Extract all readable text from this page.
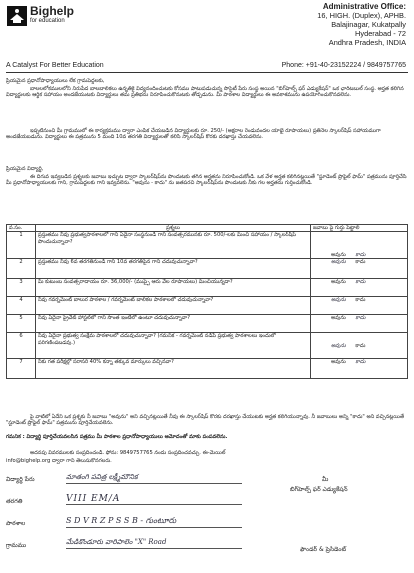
Bighelp
for education
A Catalyst For Better Education
Administrative Office:
16, HIGH. (Duplex), APHB.
Balajinagar, Kukatpally
Hyderabad - 72
Andhra Pradesh, INDIA
Phone: +91-40-23152224 / 9849757765
ప్రియమైన ప్రధానోపాధ్యాయులు లేక గ్రామపెద్దలకు,
బాలలలోకములలోని నిరుపేద బాలబాలికలు ఉన్నతికై విద్యనందించుటకు కోసము పాటుపడుచున్న సొసైటీ పేరు సంస్థ అయిన "బిగ్‌హెల్ప్ ఫర్ ఎడ్యుకేషన్" ఒక ఛారిటబుల్ సంస్థ. అర్హత కలిగిన విద్యార్థులకు ఆర్థిక సహాయం అందజేయుటకు విద్యార్థులు తమ ప్రతిభను నిరూపించుకొనుటకు తోడ్పడును. మీ పాఠశాల విద్యార్థులు ఈ అవకాశమును ఉపయోగించుకొనవలెను.
ఇప్పటినుంచి మీ గ్రామములో ఈ కార్యక్రమము ద్వారా ఎంపిక చేయబడిన విద్యార్థులకు రూ. 250/- (అక్షరాల రెండువందల యాభై రూపాయలు) ప్రతినెల స్కాలర్‌షిప్ సహాయముగా అందజేయబడును. విద్యార్థులు ఈ పత్రమును 5 మంది 10వ తరగతి విద్యార్థులతో కలిసి స్కాలర్‌షిప్ కొరకు దరఖాస్తు చేయవలెను.
ప్రియమైన విద్యార్థి,
ఈ దిగువ ఇవ్వబడిన ప్రశ్నలకు జవాబు ఇచ్చుట ద్వారా స్కాలర్‌షిప్‌ను పొందుటకు తగిన అర్హతను నిరూపించుకోండి. ఒక వేళ అర్హత కలిగినట్లయితే "స్టూడెంట్ ప్రొఫైల్ ఫామ్" పత్రమును పూర్తిచేసి మీ ప్రధానోపాధ్యాయులకు గాని, గ్రామపెద్దలకు గాని ఇవ్వవలెను. "అవును - కాదు" ను జతపరచి స్కాలర్‌షిప్‌ను పొందుటకు నీకు గల అర్హతను గుర్తించుకోండి.
వ.సం.	ప్రశ్నలు	జవాబు పై గుర్తు పెట్టాలి
1	ప్రస్తుతము నీవు ప్రభుత్వపాఠశాలలో గాని ఏదైనా సంస్థనుండి గాని సంవత్సరమునకు రూ. 500/-లకు మించి సహాయం / స్కాలర్‌షిప్ పొందుచున్నావా?	అవును కాదు
2	ప్రస్తుతము నీవు 6వ తరగతినుండి గాని 10వ తరగతిపైన గాని చదువుచున్నావా?	అవును కాదు
3	మీ కుటుంబ సంవత్సరాదాయం రూ. 36,000/- (ముప్పై ఆరు వేల రూపాయలు) మించియున్నదా?	అవును కాదు
4	నీవు గవర్నమెంట్ బాలుర పాఠశాల / గవర్నమెంట్ బాలికల పాఠశాలలో చదువుచున్నావా?	అవును కాదు
5	నీవు ఏదైనా ప్రైవేట్ హాస్టల్‌లో గాని సొంత ఇంటిలో ఉంటూ చదువుచున్నావా?	అవును కాదు
6	నీవు ఏదైనా ప్రభుత్వ సంక్షేమ పాఠశాలలో చదువుచున్నావా? (గమనిక - గవర్నమెంట్ నడిపే ప్రభుత్వ పాఠశాలలు ఇందులో పరిగణింపబడవు.)	అవును కాదు
7	నీకు గత పరీక్షల్లో సరాసరి 40% కన్నా తక్కువ మార్కులు వచ్చినవా?	అవును కాదు
పై వాటిలో ఏదేని ఒక ప్రశ్నకు నీ జవాబు "అవును" అని వచ్చినట్లయితే నీవు ఈ స్కాలర్‌షిప్ కొరకు దరఖాస్తు చేయుటకు అర్హత కలిగియున్నావు. నీ జవాబులు అన్ని "కాదు" అని వచ్చినట్లయితే "స్టూడెంట్ ప్రొఫైల్ ఫామ్" పత్రమును పూర్తిచేయవలెను.
గమనిక : విద్యార్థి పూర్తిచేయవలసిన పత్రము మీ పాఠశాల ప్రధానోపాధ్యాయులు ఆమోదంతో మాకు పంపవలెను.
అదనపు వివరములకు సంప్రదించండి. ఫోను: 9849757765 నందు సంప్రదించవచ్చు. ఈ-మెయిల్
info@bighelp.org ద్వారా గాని తెలుసుకొనగలరు.
విద్యార్థి పేరు	మాతంగి పవిత్ర లక్ష్మీమౌనిక
తరగతి	VIII EM/A
పాఠశాల	S D V R Z P S S B - గుంటూరు
గ్రామము	మేడికొండూరు వారిపాలెం "X" Road
మీ
బిగ్‌హెల్ప్ ఫర్ ఎడ్యుకేషన్
ఫౌండర్ & ప్రెసిడెంట్
